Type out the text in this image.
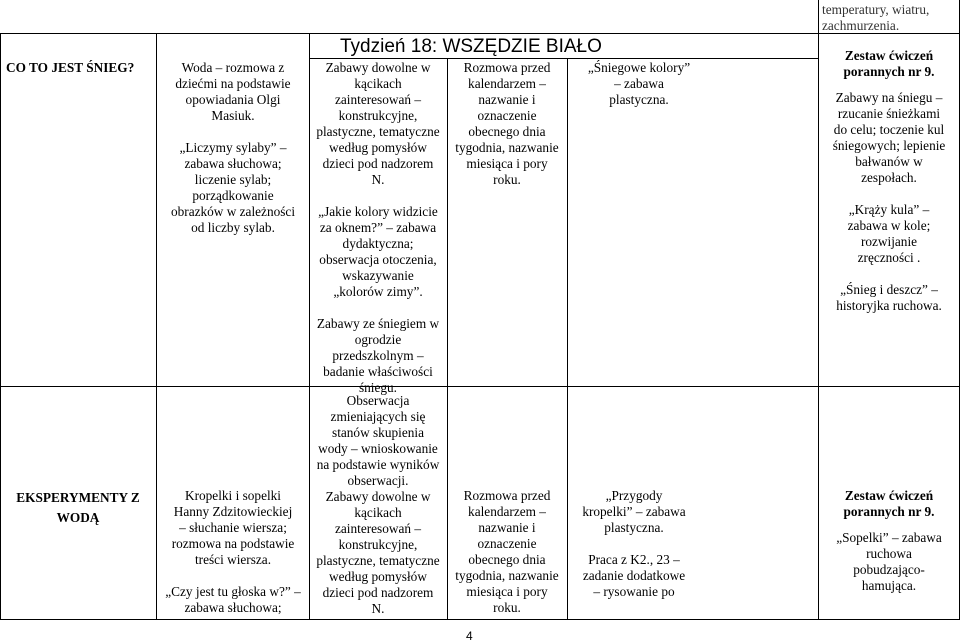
temperatury, wiatru,

zachmurzenia.

Tydzień 18: WSZĘDZIE BIAŁO

CO TO JEST ŚNIEG?	Woda – rozmowa z

dziećmi na podstawie

opowiadania Olgi

Masiuk.

„Liczymy sylaby” –

zabawa słuchowa;

liczenie sylab;

porządkowanie

obrazków w zależności

od liczby sylab.

Zabawy dowolne w

kącikach

zainteresowań –

konstrukcyjne,

plastyczne, tematyczne

według pomysłów

dzieci pod nadzorem

N.

„Jakie kolory widzicie

za oknem?” – zabawa

dydaktyczna;

obserwacja otoczenia,

wskazywanie

„kolorów zimy”.

Zabawy ze śniegiem w

ogrodzie

przedszkolnym –

badanie właściwości

śniegu.

Rozmowa przed

kalendarzem –

nazwanie i

oznaczenie

obecnego dnia

tygodnia, nazwanie

miesiąca i pory

roku.

„Śniegowe kolory”

– zabawa

plastyczna.

Zestaw ćwiczeń

porannych nr 9.

Zabawy na śniegu –

rzucanie śnieżkami

do celu; toczenie kul

śniegowych; lepienie

bałwanów w

zespołach.

„Krąży kula” –

zabawa w kole;

rozwijanie

zręczności .

„Śnieg i deszcz” –

historyjka ruchowa.

EKSPERYMENTY Z

WODĄ

Kropelki i sopelki

Hanny Zdzitowieckiej

– słuchanie wiersza;

rozmowa na podstawie

treści wiersza.

„Czy jest tu głoska w?” –

zabawa słuchowa;

Obserwacja

zmieniających się

stanów skupienia

wody – wnioskowanie

na podstawie wyników

obserwacji.

Zabawy dowolne w

kącikach

zainteresowań –

konstrukcyjne,

plastyczne, tematyczne

według pomysłów

dzieci pod nadzorem

N.

Rozmowa przed

kalendarzem –

nazwanie i

oznaczenie

obecnego dnia

tygodnia, nazwanie

miesiąca i pory

roku.

„Przygody

kropelki” – zabawa

plastyczna.

Praca z K2., 23 –

zadanie dodatkowe

– rysowanie po

Zestaw ćwiczeń

porannych nr 9.

„Sopelki” – zabawa

ruchowa

pobudzająco-

hamująca.

4
